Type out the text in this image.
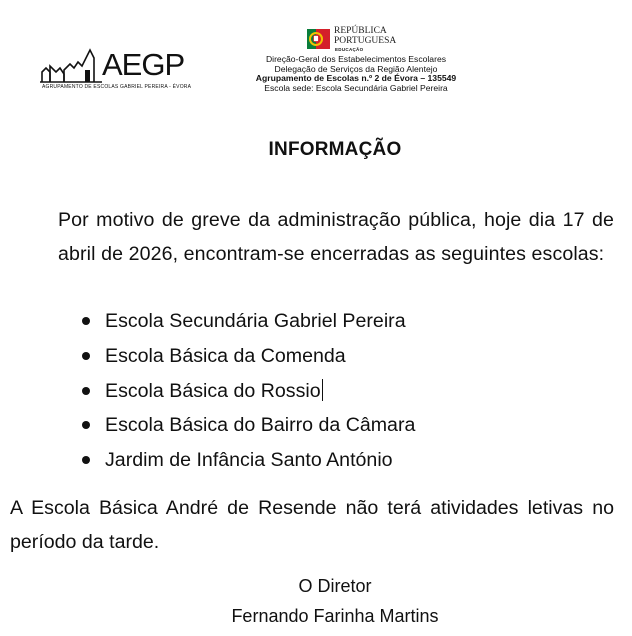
AEGP
AGRUPAMENTO DE ESCOLAS GABRIEL PEREIRA - ÉVORA
REPÚBLICA
PORTUGUESA
EDUCAÇÃO
Direção-Geral dos Estabelecimentos Escolares
Delegação de Serviços da Região Alentejo
Agrupamento de Escolas n.º 2 de Évora – 135549
Escola sede: Escola Secundária Gabriel Pereira
INFORMAÇÃO
Por motivo de greve da administração pública, hoje dia 17 de abril de 2026, encontram-se encerradas as seguintes escolas:
Escola Secundária Gabriel Pereira
Escola Básica da Comenda
Escola Básica do Rossio
Escola Básica do Bairro da Câmara
Jardim de Infância Santo António
A Escola Básica André de Resende não terá atividades letivas no período da tarde.
O Diretor
Fernando Farinha Martins
